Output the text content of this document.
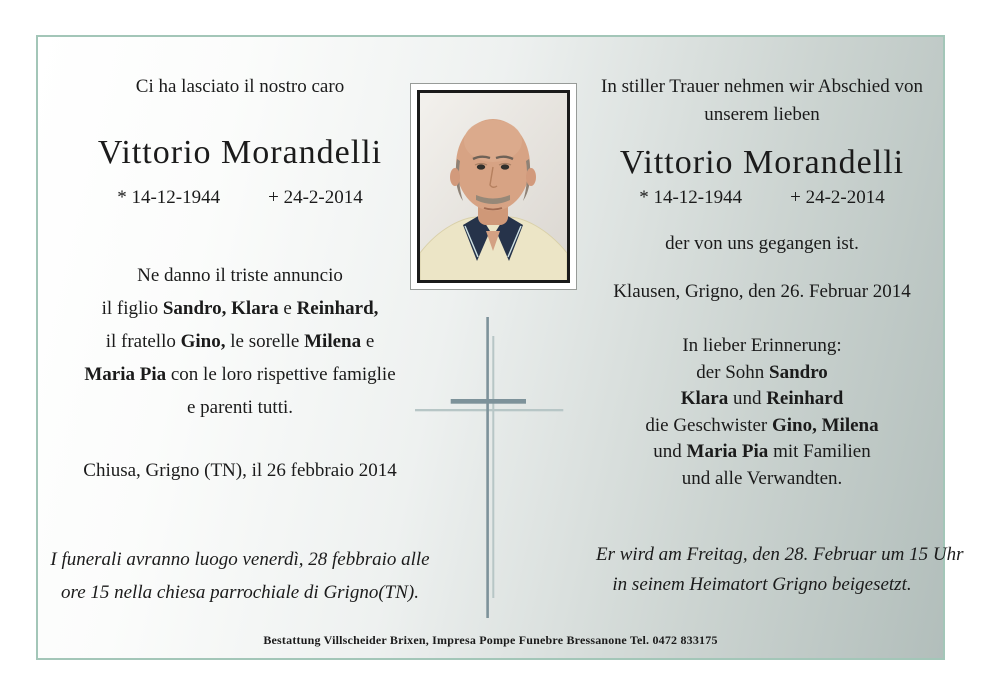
Ci ha lasciato il nostro caro
Vittorio Morandelli
* 14-12-1944	+ 24-2-2014
Ne danno il triste annuncio
il figlio Sandro, Klara e Reinhard,
il fratello Gino, le sorelle Milena e
Maria Pia con le loro rispettive famiglie
e parenti tutti.
Chiusa, Grigno (TN), il 26 febbraio 2014
I funerali avranno luogo venerdì, 28 febbraio alle
ore 15 nella chiesa parrochiale di Grigno(TN).
In stiller Trauer nehmen wir Abschied von
unserem lieben
Vittorio Morandelli
* 14-12-1944	+ 24-2-2014
der von uns gegangen ist.
Klausen, Grigno, den 26. Februar 2014
In lieber Erinnerung:
der Sohn Sandro
Klara und Reinhard
die Geschwister Gino, Milena
und Maria Pia mit Familien
und alle Verwandten.
Er wird am Freitag, den 28. Februar um 15 Uhr
in seinem Heimatort Grigno beigesetzt.
Bestattung Villscheider Brixen, Impresa Pompe Funebre Bressanone Tel. 0472 833175
